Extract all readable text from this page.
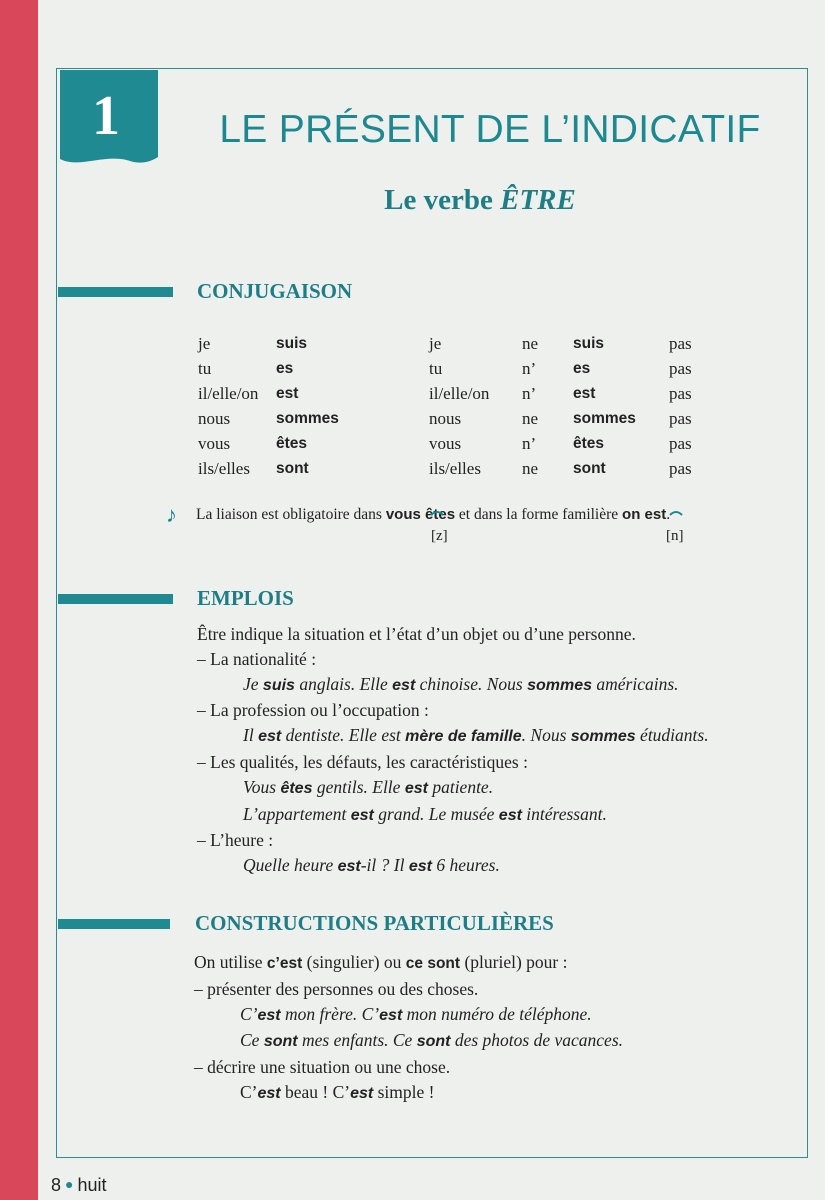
1	LE PRÉSENT DE L’INDICATIF
Le verbe ÊTRE
CONJUGAISON
je
tu
il/elle/on
nous
vous
ils/elles
suis
es
est
sommes
êtes
sont
je
tu
il/elle/on
nous
vous
ils/elles
ne
n’
n’
ne
n’
ne
suis
es
est
sommes
êtes
sont
pas
pas
pas
pas
pas
pas
♪ La liaison est obligatoire dans vous êtes et dans la forme familière on est.
[z]	[n]
EMPLOIS
Être indique la situation et l’état d’un objet ou d’une personne.
– La nationalité :
Je suis anglais. Elle est chinoise. Nous sommes américains.
– La profession ou l’occupation :
Il est dentiste. Elle est mère de famille. Nous sommes étudiants.
– Les qualités, les défauts, les caractéristiques :
Vous êtes gentils. Elle est patiente.
L’appartement est grand. Le musée est intéressant.
– L’heure :
Quelle heure est-il ? Il est 6 heures.
CONSTRUCTIONS PARTICULIÈRES
On utilise c’est (singulier) ou ce sont (pluriel) pour :
– présenter des personnes ou des choses.
C’est mon frère. C’est mon numéro de téléphone.
Ce sont mes enfants. Ce sont des photos de vacances.
– décrire une situation ou une chose.
C’est beau ! C’est simple !
8 ● huit
